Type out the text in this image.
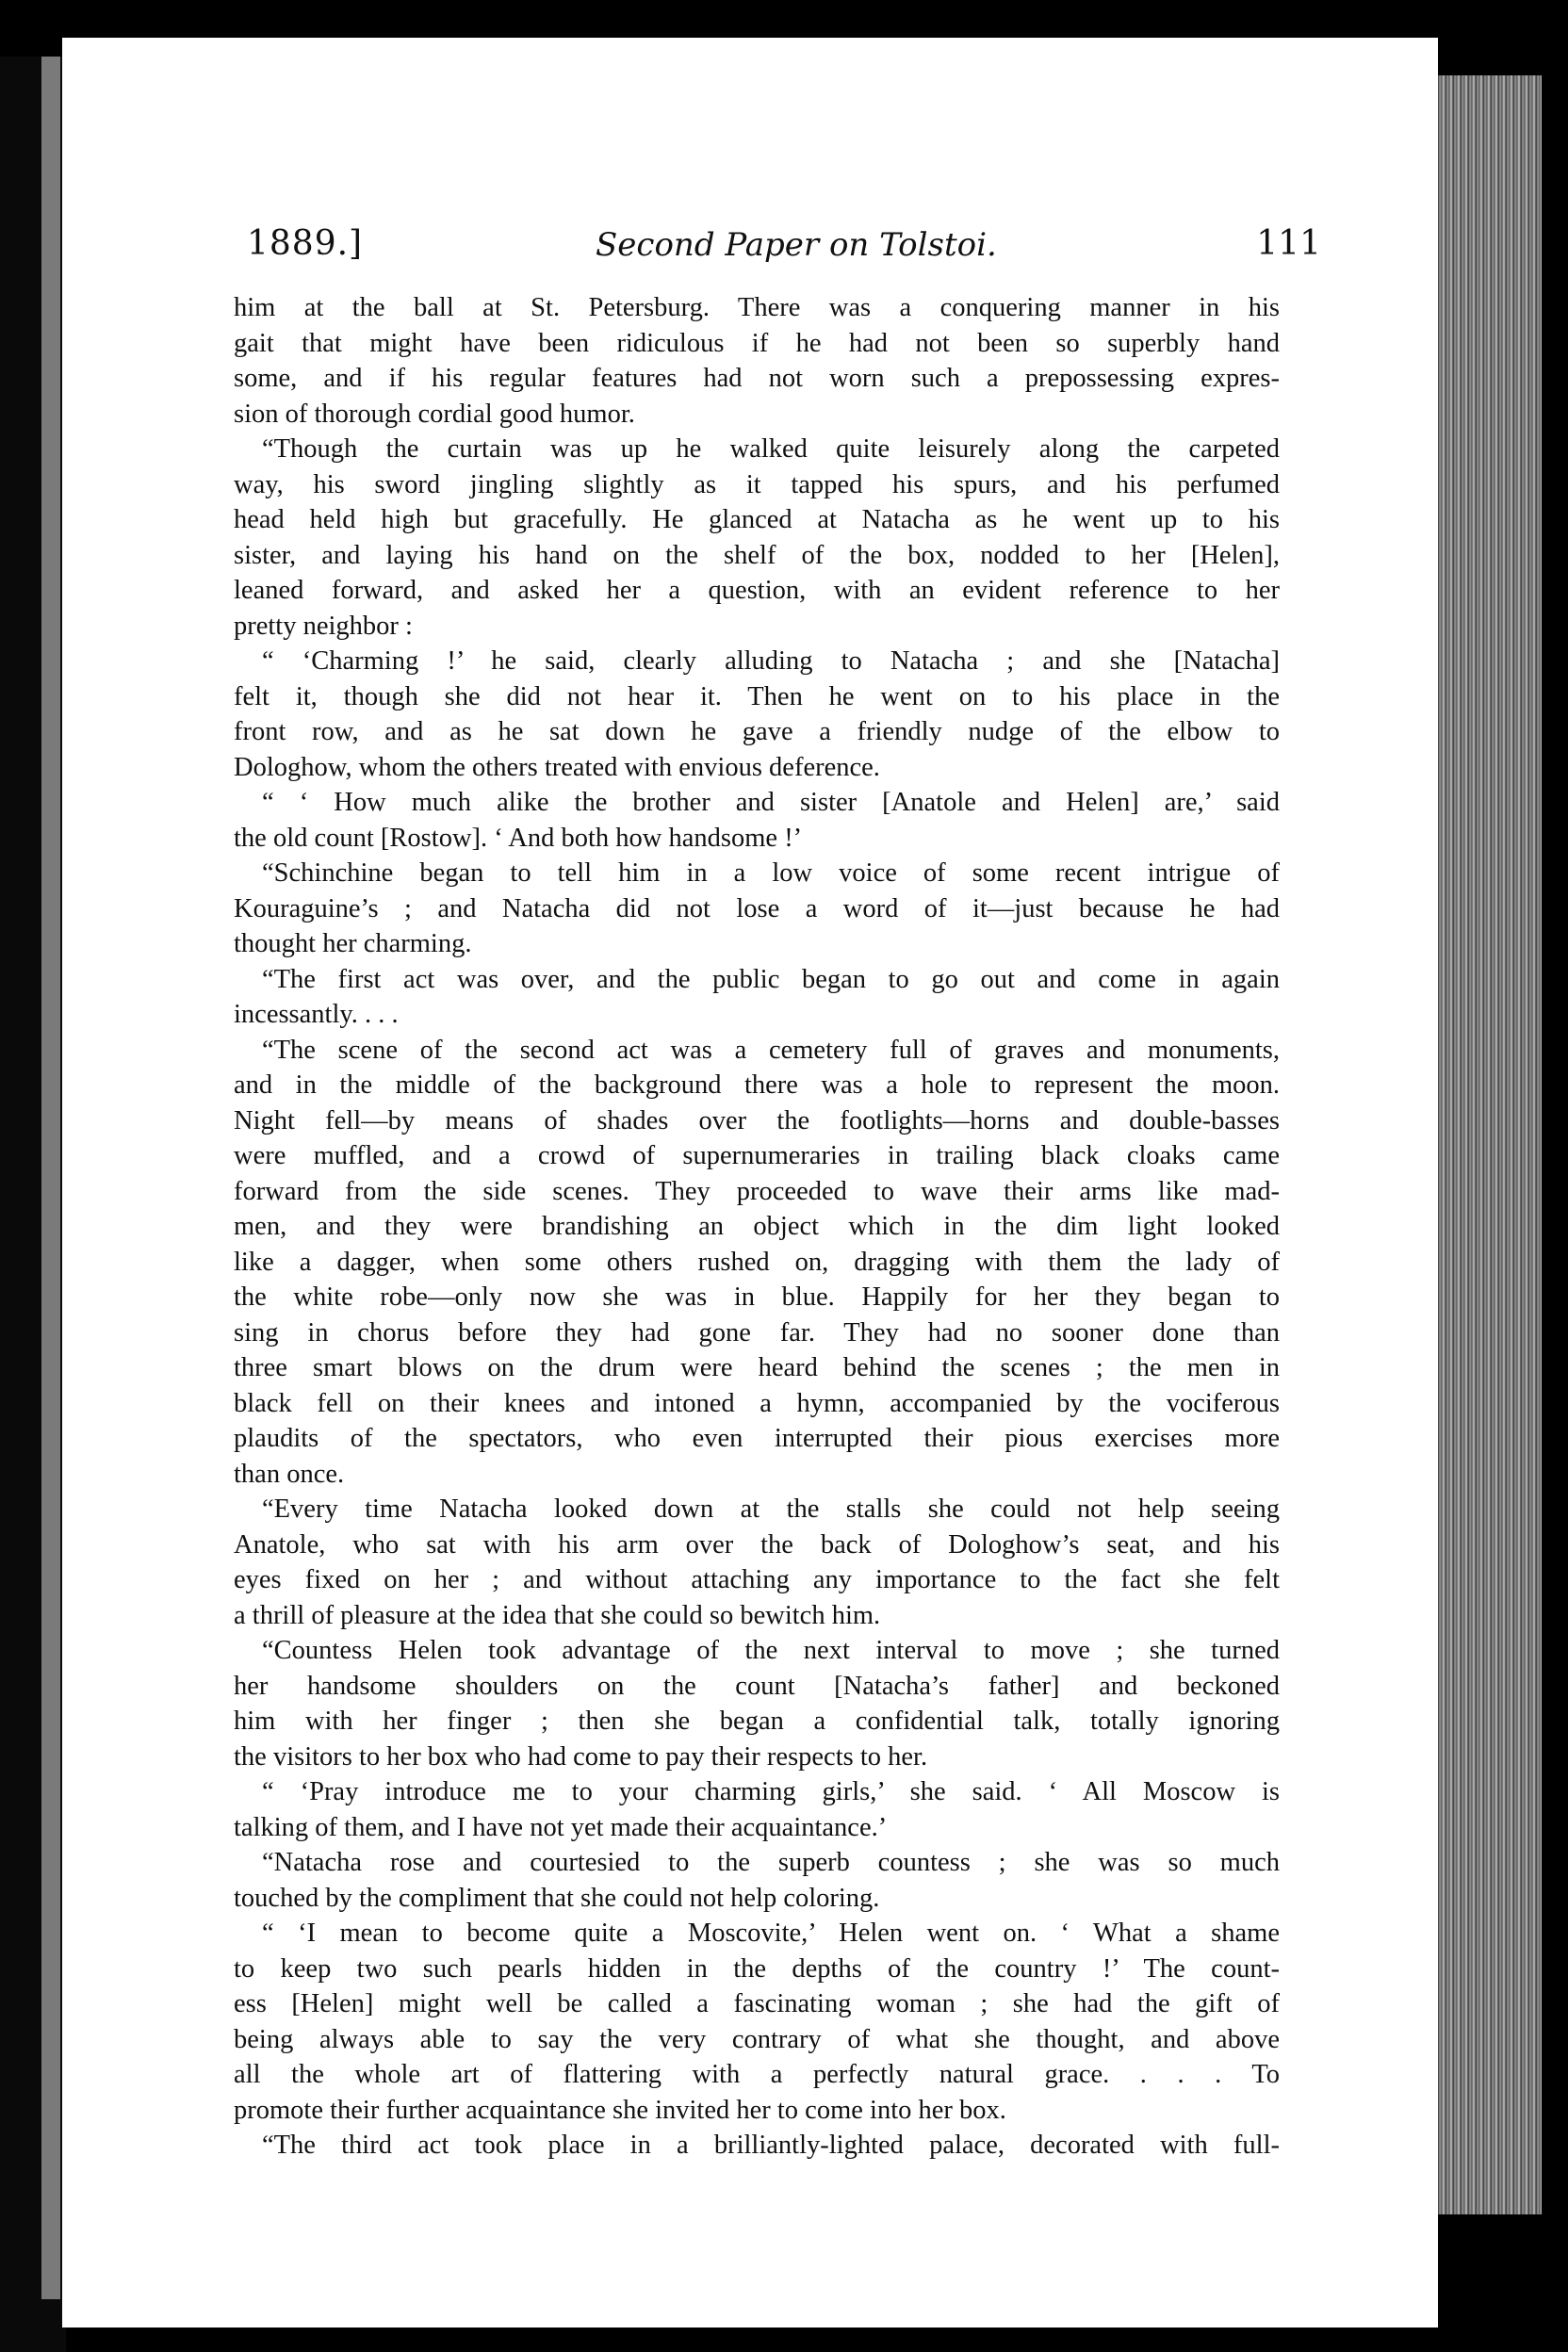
1889.]	Second Paper on Tolstoi.	111
him at the ball at St. Petersburg. There was a conquering manner in his
gait that might have been ridiculous if he had not been so superbly hand
some, and if his regular features had not worn such a prepossessing expres-
sion of thorough cordial good humor.
“Though the curtain was up he walked quite leisurely along the carpeted
way, his sword jingling slightly as it tapped his spurs, and his perfumed
head held high but gracefully. He glanced at Natacha as he went up to his
sister, and laying his hand on the shelf of the box, nodded to her [Helen],
leaned forward, and asked her a question, with an evident reference to her
pretty neighbor :
“ ‘Charming !’ he said, clearly alluding to Natacha ; and she [Natacha]
felt it, though she did not hear it. Then he went on to his place in the
front row, and as he sat down he gave a friendly nudge of the elbow to
Dologhow, whom the others treated with envious deference.
“ ‘ How much alike the brother and sister [Anatole and Helen] are,’ said
the old count [Rostow]. ‘ And both how handsome !’
“Schinchine began to tell him in a low voice of some recent intrigue of
Kouraguine’s ; and Natacha did not lose a word of it—just because he had
thought her charming.
“The first act was over, and the public began to go out and come in again
incessantly. . . .
“The scene of the second act was a cemetery full of graves and monuments,
and in the middle of the background there was a hole to represent the moon.
Night fell—by means of shades over the footlights—horns and double-basses
were muffled, and a crowd of supernumeraries in trailing black cloaks came
forward from the side scenes. They proceeded to wave their arms like mad-
men, and they were brandishing an object which in the dim light looked
like a dagger, when some others rushed on, dragging with them the lady of
the white robe—only now she was in blue. Happily for her they began to
sing in chorus before they had gone far. They had no sooner done than
three smart blows on the drum were heard behind the scenes ; the men in
black fell on their knees and intoned a hymn, accompanied by the vociferous
plaudits of the spectators, who even interrupted their pious exercises more
than once.
“Every time Natacha looked down at the stalls she could not help seeing
Anatole, who sat with his arm over the back of Dologhow’s seat, and his
eyes fixed on her ; and without attaching any importance to the fact she felt
a thrill of pleasure at the idea that she could so bewitch him.
“Countess Helen took advantage of the next interval to move ; she turned
her handsome shoulders on the count [Natacha’s father] and beckoned
him with her finger ; then she began a confidential talk, totally ignoring
the visitors to her box who had come to pay their respects to her.
“ ‘Pray introduce me to your charming girls,’ she said. ‘ All Moscow is
talking of them, and I have not yet made their acquaintance.’
“Natacha rose and courtesied to the superb countess ; she was so much
touched by the compliment that she could not help coloring.
“ ‘I mean to become quite a Moscovite,’ Helen went on. ‘ What a shame
to keep two such pearls hidden in the depths of the country !’ The count-
ess [Helen] might well be called a fascinating woman ; she had the gift of
being always able to say the very contrary of what she thought, and above
all the whole art of flattering with a perfectly natural grace. . . . To
promote their further acquaintance she invited her to come into her box.
“The third act took place in a brilliantly-lighted palace, decorated with full-
